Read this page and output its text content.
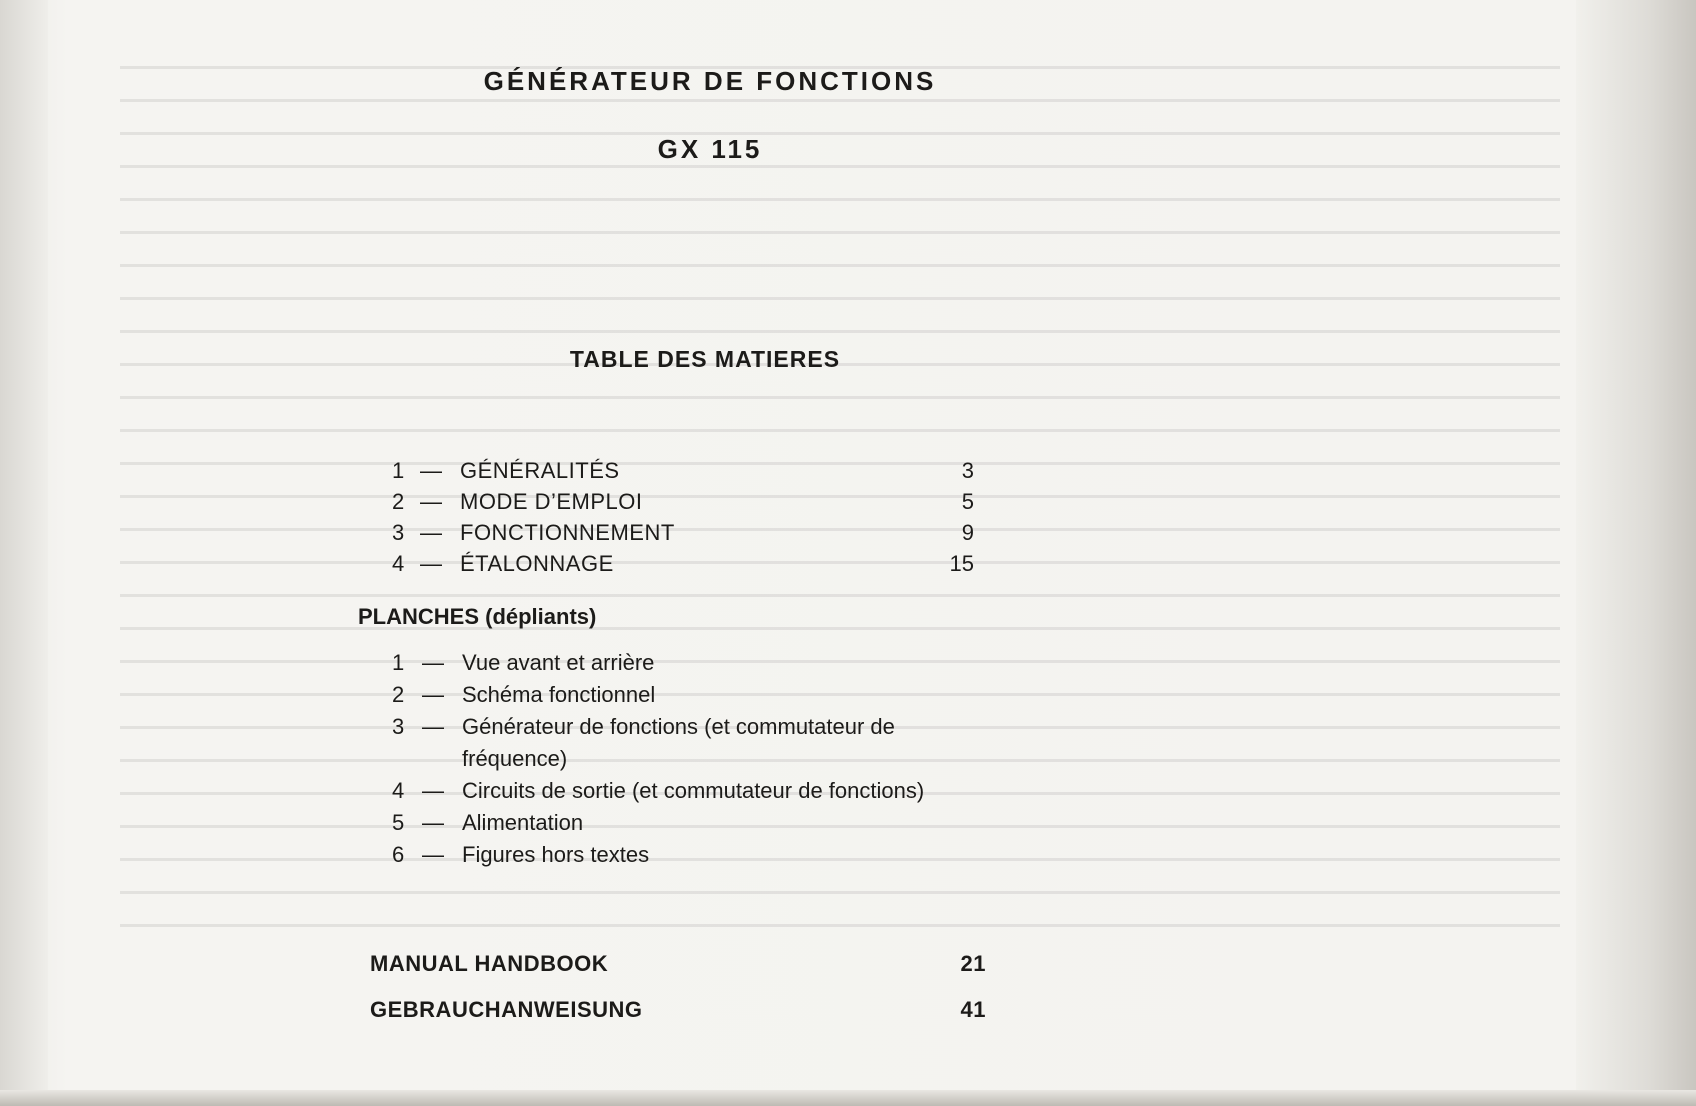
GÉNÉRATEUR DE FONCTIONS
GX 115
TABLE DES MATIERES
1 — GÉNÉRALITÉS	3
2 — MODE D’EMPLOI	5
3 — FONCTIONNEMENT	9
4 — ÉTALONNAGE	15
PLANCHES (dépliants)
1 — Vue avant et arrière
2 — Schéma fonctionnel
3 — Générateur de fonctions (et commutateur de fréquence)
4 — Circuits de sortie (et commutateur de fonctions)
5 — Alimentation
6 — Figures hors textes
MANUAL HANDBOOK	21
GEBRAUCHANWEISUNG	41
